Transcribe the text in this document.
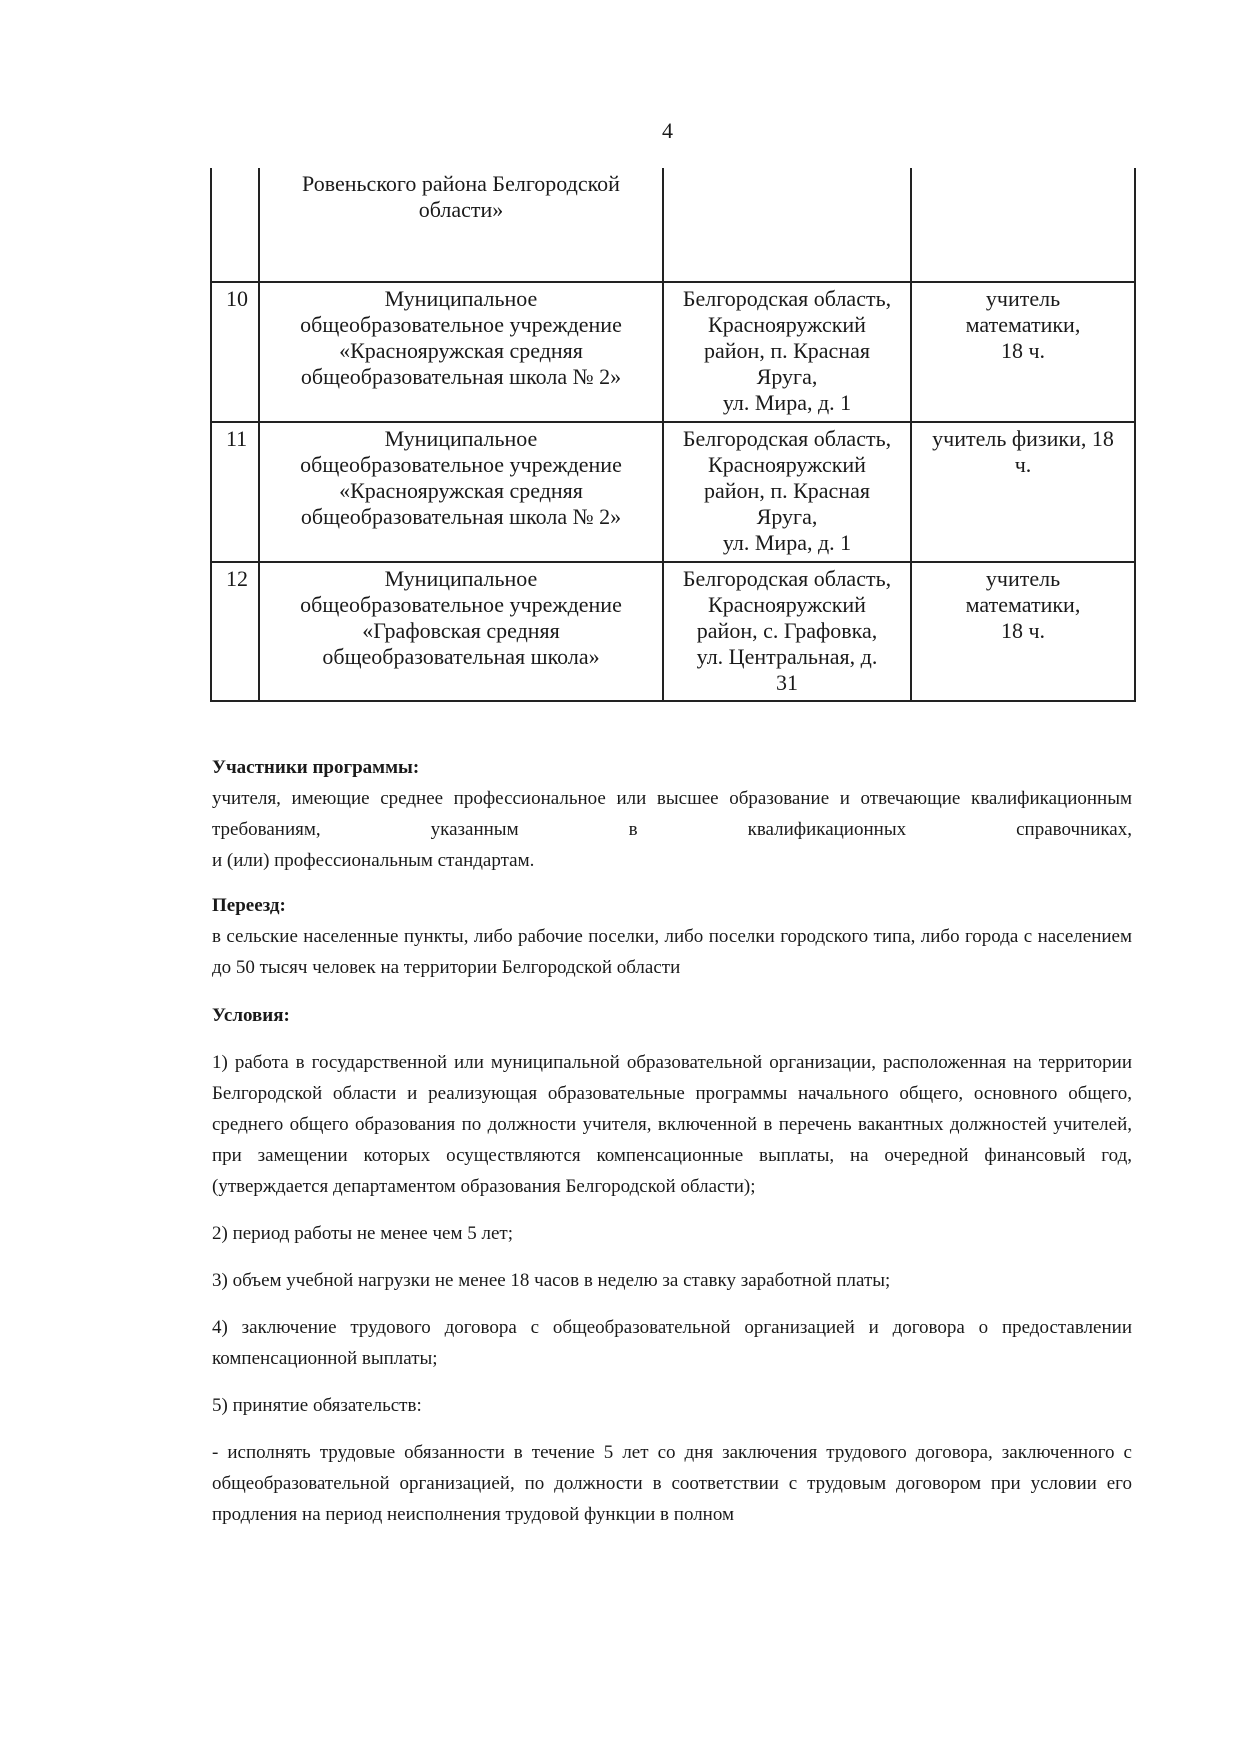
4

	Ровеньского района Белгородской
области»		

10	Муниципальное
общеобразовательное учреждение
«Краснояружская средняя
общеобразовательная школа № 2»	Белгородская область,
Краснояружский
район, п. Красная
Яруга,
ул. Мира, д. 1	учитель
математики,
18 ч.

11	Муниципальное
общеобразовательное учреждение
«Краснояружская средняя
общеобразовательная школа № 2»	Белгородская область,
Краснояружский
район, п. Красная
Яруга,
ул. Мира, д. 1	учитель физики, 18
ч.

12	Муниципальное
общеобразовательное учреждение
«Графовская средняя
общеобразовательная школа»	Белгородская область,
Краснояружский
район, с. Графовка,
ул. Центральная, д.
31	учитель
математики,
18 ч.
Участники программы:

учителя, имеющие среднее профессиональное или высшее образование и отвечающие квалификационным требованиям, указанным в квалификационных справочниках,

и (или) профессиональным стандартам.

Переезд:

в сельские населенные пункты, либо рабочие поселки, либо поселки городского типа, либо города с населением до 50 тысяч человек на территории Белгородской области

Условия:

1) работа в государственной или муниципальной образовательной организации, расположенная на территории Белгородской области и реализующая образовательные программы начального общего, основного общего, среднего общего образования по должности учителя, включенной в перечень вакантных должностей учителей, при замещении которых осуществляются компенсационные выплаты, на очередной финансовый год, (утверждается департаментом образования Белгородской области);

2) период работы не менее чем 5 лет;

3) объем учебной нагрузки не менее 18 часов в неделю за ставку заработной платы;

4) заключение трудового договора с общеобразовательной организацией и договора о предоставлении компенсационной выплаты;

5) принятие обязательств:

- исполнять трудовые обязанности в течение 5 лет со дня заключения трудового договора, заключенного с общеобразовательной организацией, по должности в соответствии с трудовым договором при условии его продления на период неисполнения трудовой функции в полном
